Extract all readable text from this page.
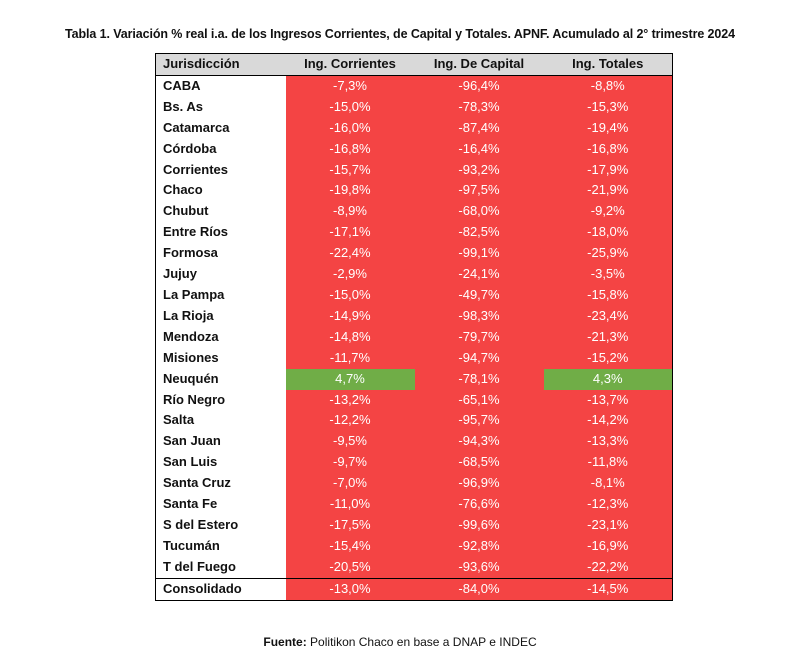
Tabla 1. Variación % real i.a. de los Ingresos Corrientes, de Capital y Totales. APNF. Acumulado al 2° trimestre 2024
Jurisdicción	Ing. Corrientes	Ing. De Capital	Ing. Totales
CABA	-7,3%	-96,4%	-8,8%
Bs. As	-15,0%	-78,3%	-15,3%
Catamarca	-16,0%	-87,4%	-19,4%
Córdoba	-16,8%	-16,4%	-16,8%
Corrientes	-15,7%	-93,2%	-17,9%
Chaco	-19,8%	-97,5%	-21,9%
Chubut	-8,9%	-68,0%	-9,2%
Entre Ríos	-17,1%	-82,5%	-18,0%
Formosa	-22,4%	-99,1%	-25,9%
Jujuy	-2,9%	-24,1%	-3,5%
La Pampa	-15,0%	-49,7%	-15,8%
La Rioja	-14,9%	-98,3%	-23,4%
Mendoza	-14,8%	-79,7%	-21,3%
Misiones	-11,7%	-94,7%	-15,2%
Neuquén	4,7%	-78,1%	4,3%
Río Negro	-13,2%	-65,1%	-13,7%
Salta	-12,2%	-95,7%	-14,2%
San Juan	-9,5%	-94,3%	-13,3%
San Luis	-9,7%	-68,5%	-11,8%
Santa Cruz	-7,0%	-96,9%	-8,1%
Santa Fe	-11,0%	-76,6%	-12,3%
S del Estero	-17,5%	-99,6%	-23,1%
Tucumán	-15,4%	-92,8%	-16,9%
T del Fuego	-20,5%	-93,6%	-22,2%
Consolidado	-13,0%	-84,0%	-14,5%
Fuente: Politikon Chaco en base a DNAP e INDEC
